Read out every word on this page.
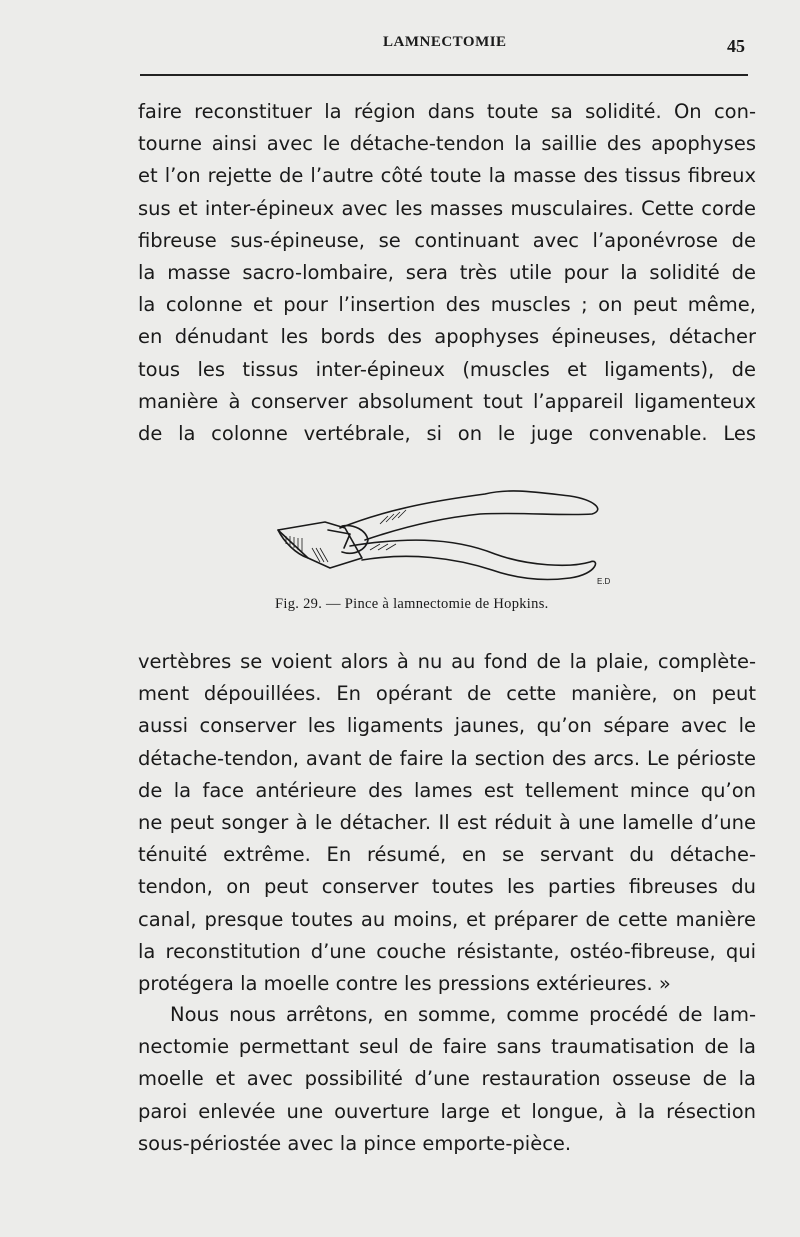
LAMNECTOMIE	45
faire reconstituer la région dans toute sa solidité. On con-
tourne ainsi avec le détache-tendon la saillie des apophyses
et l’on rejette de l’autre côté toute la masse des tissus fibreux
sus et inter-épineux avec les masses musculaires. Cette corde
fibreuse sus-épineuse, se continuant avec l’aponévrose de
la masse sacro-lombaire, sera très utile pour la solidité de
la colonne et pour l’insertion des muscles ; on peut même,
en dénudant les bords des apophyses épineuses, détacher
tous les tissus inter-épineux (muscles et ligaments), de
manière à conserver absolument tout l’appareil ligamenteux
de la colonne vertébrale, si on le juge convenable. Les
E.D
Fig. 29. — Pince à lamnectomie de Hopkins.
vertèbres se voient alors à nu au fond de la plaie, complète-
ment dépouillées. En opérant de cette manière, on peut
aussi conserver les ligaments jaunes, qu’on sépare avec le
détache-tendon, avant de faire la section des arcs. Le périoste
de la face antérieure des lames est tellement mince qu’on
ne peut songer à le détacher. Il est réduit à une lamelle d’une
ténuité extrême. En résumé, en se servant du détache-
tendon, on peut conserver toutes les parties fibreuses du
canal, presque toutes au moins, et préparer de cette manière
la reconstitution d’une couche résistante, ostéo-fibreuse, qui
protégera la moelle contre les pressions extérieures. »
Nous nous arrêtons, en somme, comme procédé de lam-
nectomie permettant seul de faire sans traumatisation de la
moelle et avec possibilité d’une restauration osseuse de la
paroi enlevée une ouverture large et longue, à la résection
sous-périostée avec la pince emporte-pièce.
